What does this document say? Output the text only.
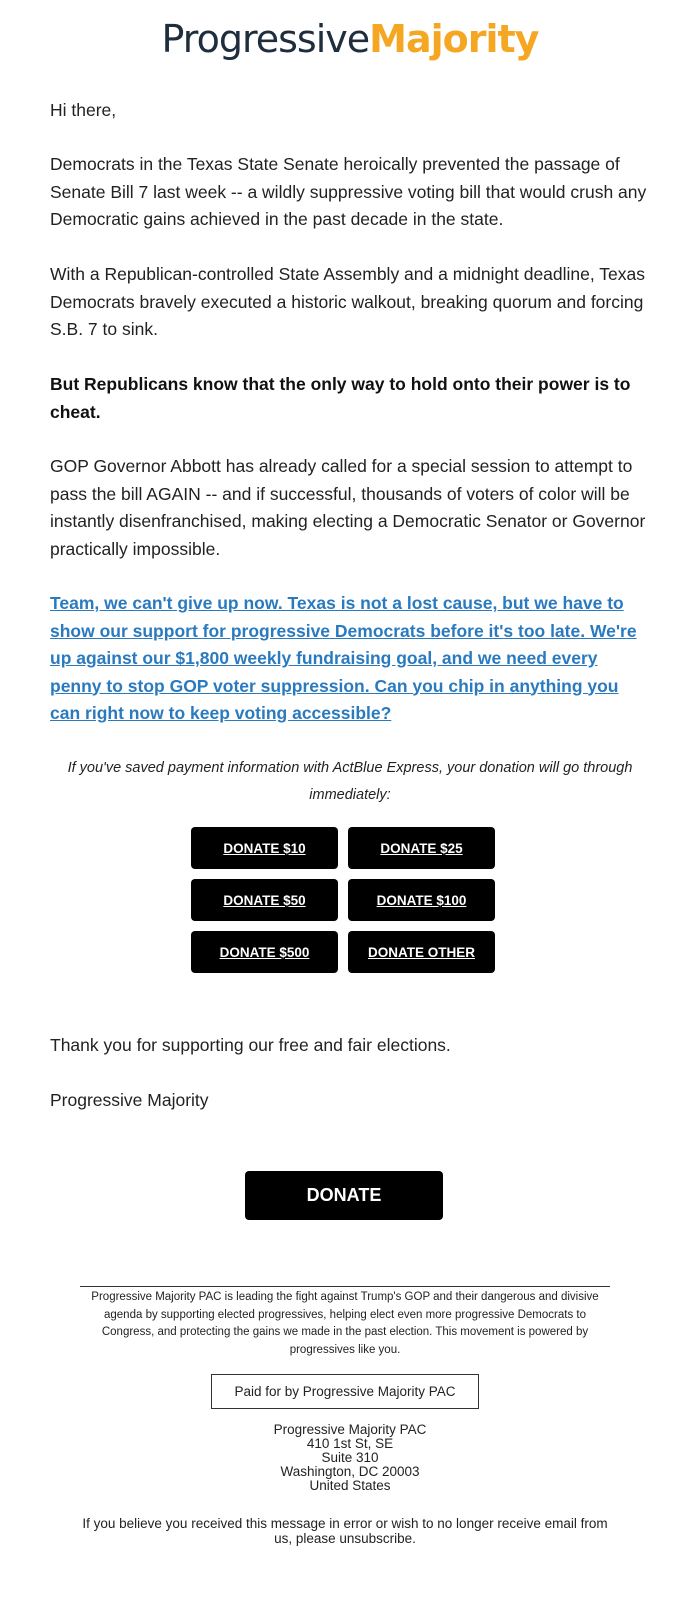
ProgressiveMajority

Hi there,

Democrats in the Texas State Senate heroically prevented the passage of Senate Bill 7 last week -- a wildly suppressive voting bill that would crush any Democratic gains achieved in the past decade in the state.

With a Republican-controlled State Assembly and a midnight deadline, Texas Democrats bravely executed a historic walkout, breaking quorum and forcing S.B. 7 to sink.

But Republicans know that the only way to hold onto their power is to cheat.

GOP Governor Abbott has already called for a special session to attempt to pass the bill AGAIN -- and if successful, thousands of voters of color will be instantly disenfranchised, making electing a Democratic Senator or Governor practically impossible.

Team, we can't give up now. Texas is not a lost cause, but we have to show our support for progressive Democrats before it's too late. We're up against our $1,800 weekly fundraising goal, and we need every penny to stop GOP voter suppression. Can you chip in anything you can right now to keep voting accessible?

If you've saved payment information with ActBlue Express, your donation will go through immediately:

DONATE $10	DONATE $25
DONATE $50	DONATE $100
DONATE $500	DONATE OTHER

Thank you for supporting our free and fair elections.

Progressive Majority

DONATE

Progressive Majority PAC is leading the fight against Trump's GOP and their dangerous and divisive agenda by supporting elected progressives, helping elect even more progressive Democrats to Congress, and protecting the gains we made in the past election. This movement is powered by progressives like you.

Paid for by Progressive Majority PAC
Progressive Majority PAC
410 1st St, SE
Suite 310
Washington, DC 20003
United States

If you believe you received this message in error or wish to no longer receive email from us, please unsubscribe.
